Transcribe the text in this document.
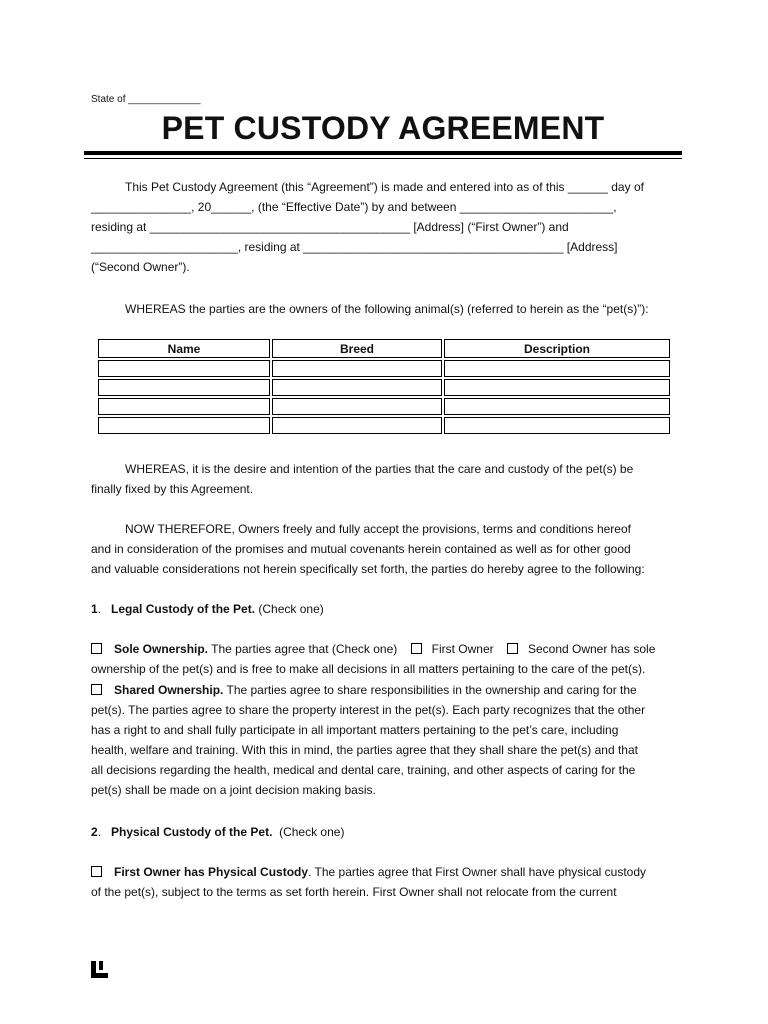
State of _____________
PET CUSTODY AGREEMENT
This Pet Custody Agreement (this “Agreement”) is made and entered into as of this ______ day of
_______________, 20______, (the “Effective Date”) by and between _______________________,
residing at _______________________________________ [Address] (“First Owner”) and
______________________, residing at _______________________________________ [Address]
(“Second Owner”).
WHEREAS the parties are the owners of the following animal(s) (referred to herein as the “pet(s)”):
Name	Breed	Description

WHEREAS, it is the desire and intention of the parties that the care and custody of the pet(s) be
finally fixed by this Agreement.
NOW THEREFORE, Owners freely and fully accept the provisions, terms and conditions hereof
and in consideration of the promises and mutual covenants herein contained as well as for other good
and valuable considerations not herein specifically set forth, the parties do hereby agree to the following:
1.   Legal Custody of the Pet. (Check one)
Sole Ownership. The parties agree that (Check one)	First Owner	Second Owner has sole
ownership of the pet(s) and is free to make all decisions in all matters pertaining to the care of the pet(s).
Shared Ownership. The parties agree to share responsibilities in the ownership and caring for the
pet(s). The parties agree to share the property interest in the pet(s). Each party recognizes that the other
has a right to and shall fully participate in all important matters pertaining to the pet’s care, including
health, welfare and training. With this in mind, the parties agree that they shall share the pet(s) and that
all decisions regarding the health, medical and dental care, training, and other aspects of caring for the
pet(s) shall be made on a joint decision making basis.
2.   Physical Custody of the Pet. (Check one)
First Owner has Physical Custody. The parties agree that First Owner shall have physical custody
of the pet(s), subject to the terms as set forth herein. First Owner shall not relocate from the current
